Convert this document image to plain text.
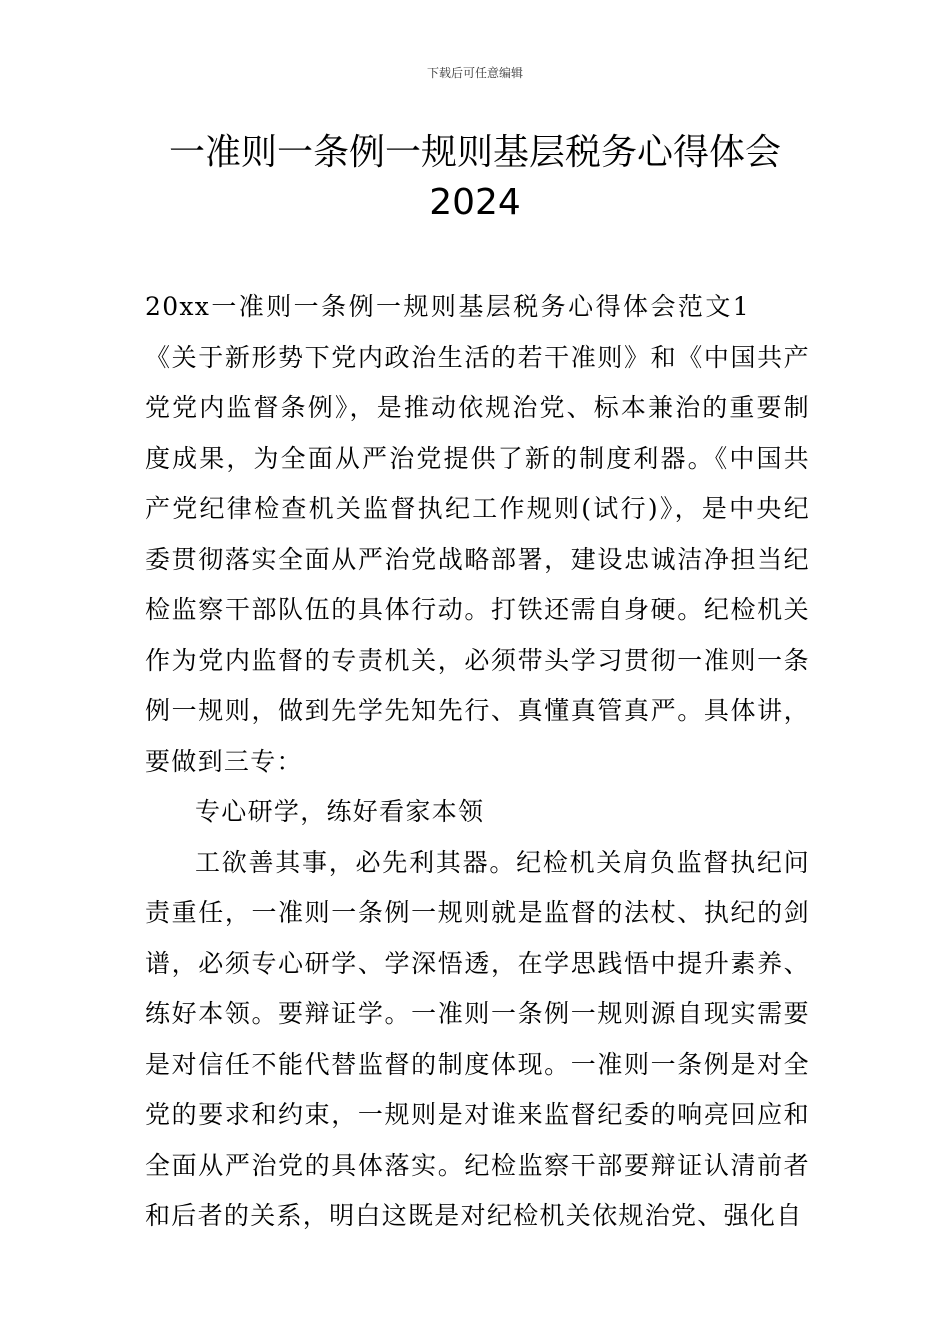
下载后可任意编辑
一准则一条例一规则基层税务心得体会
2024

20xx一准则一条例一规则基层税务心得体会范文1《关于新形势下党内政治生活的若干准则》和《中国共产党党内监督条例》，是推动依规治党、标本兼治的重要制度成果，为全面从严治党提供了新的制度利器。《中国共产党纪律检查机关监督执纪工作规则(试行)》，是中央纪委贯彻落实全面从严治党战略部署，建设忠诚洁净担当纪检监察干部队伍的具体行动。打铁还需自身硬。纪检机关作为党内监督的专责机关，必须带头学习贯彻一准则一条例一规则，做到先学先知先行、真懂真管真严。具体讲，要做到三专：

专心研学，练好看家本领

工欲善其事，必先利其器。纪检机关肩负监督执纪问责重任，一准则一条例一规则就是监督的法杖、执纪的剑谱，必须专心研学、学深悟透，在学思践悟中提升素养、练好本领。要辩证学。一准则一条例一规则源自现实需要是对信任不能代替监督的制度体现。一准则一条例是对全党的要求和约束，一规则是对谁来监督纪委的响亮回应和全面从严治党的具体落实。纪检监察干部要辩证认清前者和后者的关系，明白这既是对纪检机关依规治党、强化自
